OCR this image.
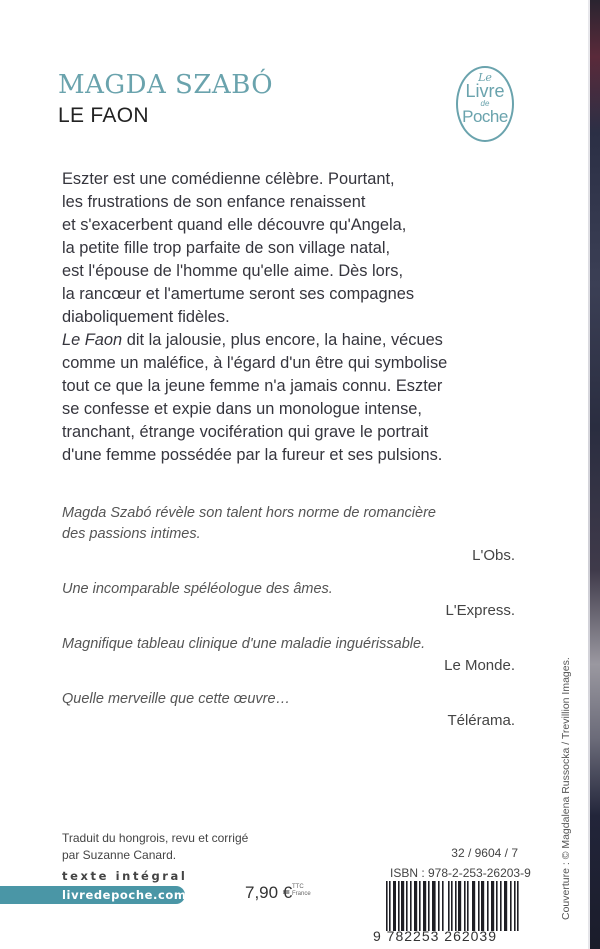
MAGDA SZABÓ
LE FAON
Le
Livre
de
Poche
Eszter est une comédienne célèbre. Pourtant,
les frustrations de son enfance renaissent
et s'exacerbent quand elle découvre qu'Angela,
la petite fille trop parfaite de son village natal,
est l'épouse de l'homme qu'elle aime. Dès lors,
la rancœur et l'amertume seront ses compagnes
diaboliquement fidèles.
Le Faon dit la jalousie, plus encore, la haine, vécues
comme un maléfice, à l'égard d'un être qui symbolise
tout ce que la jeune femme n'a jamais connu. Eszter
se confesse et expie dans un monologue intense,
tranchant, étrange vocifération qui grave le portrait
d'une femme possédée par la fureur et ses pulsions.
Magda Szabó révèle son talent hors norme de romancière
des passions intimes.
L'Obs.
Une incomparable spéléologue des âmes.
L'Express.
Magnifique tableau clinique d'une maladie inguérissable.
Le Monde.
Quelle merveille que cette œuvre…
Télérama.	Couverture : © Magdalena Russocka / Trevillion Images.
Traduit du hongrois, revu et corrigé
par Suzanne Canard.
texte intégral
livredepoche.com	7,90 € TTC
France
32 / 9604 / 7
ISBN : 978-2-253-26203-9
9 782253 262039
